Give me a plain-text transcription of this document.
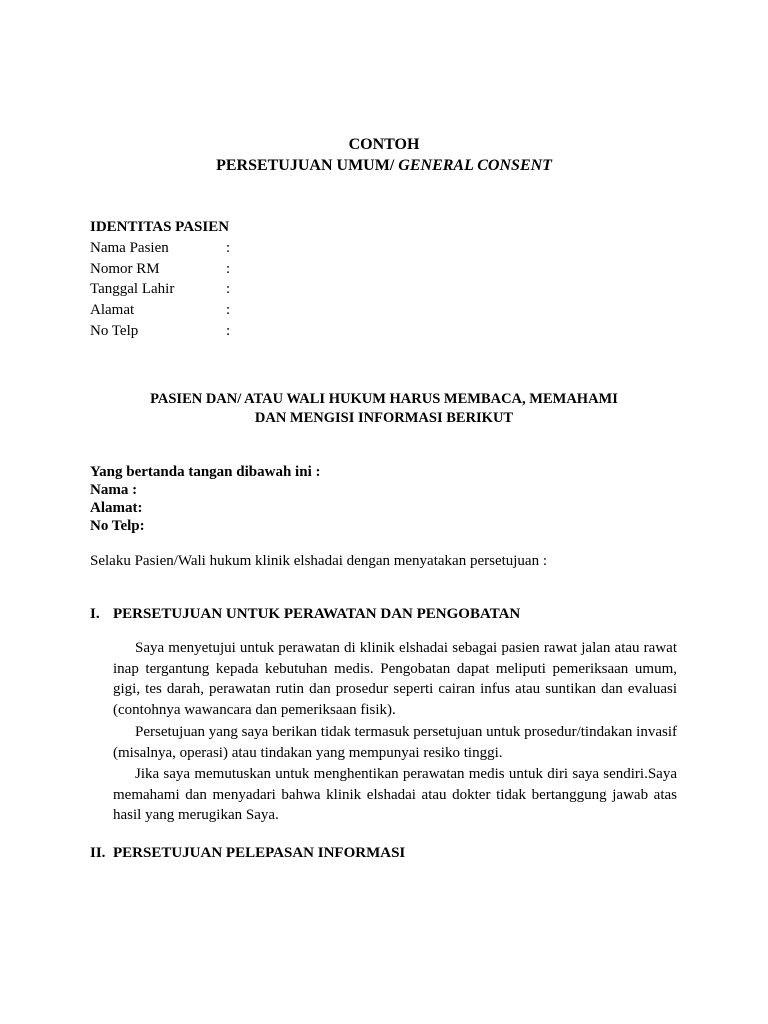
CONTOH
PERSETUJUAN UMUM/ GENERAL CONSENT
IDENTITAS PASIEN
Nama Pasien	:
Nomor RM	:
Tanggal Lahir	:
Alamat	:
No Telp	:
PASIEN DAN/ ATAU WALI HUKUM HARUS MEMBACA, MEMAHAMI
DAN MENGISI INFORMASI BERIKUT
Yang bertanda tangan dibawah ini :
Nama :
Alamat:
No Telp:
Selaku Pasien/Wali hukum klinik elshadai dengan menyatakan persetujuan :
I. PERSETUJUAN UNTUK PERAWATAN DAN PENGOBATAN
Saya menyetujui untuk perawatan di klinik elshadai sebagai pasien rawat jalan atau rawat inap tergantung kepada kebutuhan medis. Pengobatan dapat meliputi pemeriksaan umum, gigi, tes darah, perawatan rutin dan prosedur seperti cairan infus atau suntikan dan evaluasi (contohnya wawancara dan pemeriksaan fisik).
Persetujuan yang saya berikan tidak termasuk persetujuan untuk prosedur/tindakan invasif (misalnya, operasi) atau tindakan yang mempunyai resiko tinggi.
Jika saya memutuskan untuk menghentikan perawatan medis untuk diri saya sendiri.Saya memahami dan menyadari bahwa klinik elshadai atau dokter tidak bertanggung jawab atas hasil yang merugikan Saya.
II. PERSETUJUAN PELEPASAN INFORMASI
